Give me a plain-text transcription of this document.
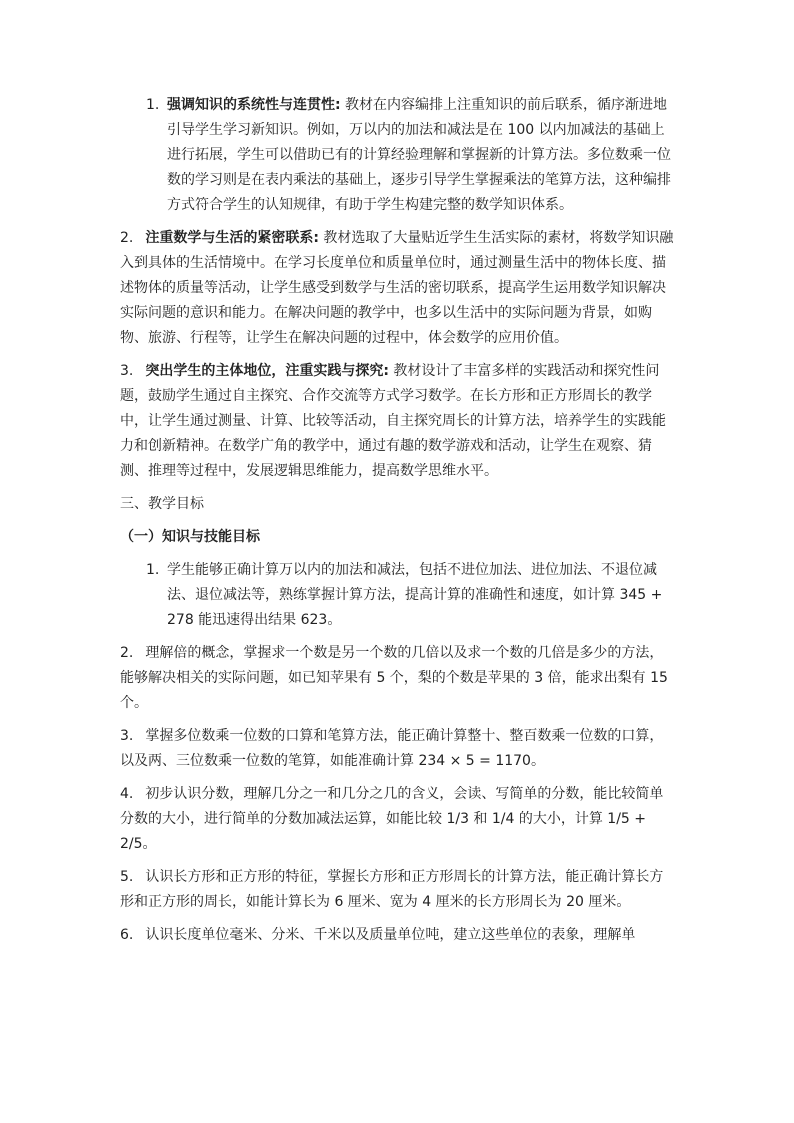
1. 强调知识的系统性与连贯性: 教材在内容编排上注重知识的前后联系，循序渐进地引导学生学习新知识。例如，万以内的加法和减法是在 100 以内加减法的基础上进行拓展，学生可以借助已有的计算经验理解和掌握新的计算方法。多位数乘一位数的学习则是在表内乘法的基础上，逐步引导学生掌握乘法的笔算方法，这种编排方式符合学生的认知规律，有助于学生构建完整的数学知识体系。

2. 注重数学与生活的紧密联系: 教材选取了大量贴近学生生活实际的素材，将数学知识融入到具体的生活情境中。在学习长度单位和质量单位时，通过测量生活中的物体长度、描述物体的质量等活动，让学生感受到数学与生活的密切联系，提高学生运用数学知识解决实际问题的意识和能力。在解决问题的教学中，也多以生活中的实际问题为背景，如购物、旅游、行程等，让学生在解决问题的过程中，体会数学的应用价值。

3. 突出学生的主体地位，注重实践与探究: 教材设计了丰富多样的实践活动和探究性问题，鼓励学生通过自主探究、合作交流等方式学习数学。在长方形和正方形周长的教学中，让学生通过测量、计算、比较等活动，自主探究周长的计算方法，培养学生的实践能力和创新精神。在数学广角的教学中，通过有趣的数学游戏和活动，让学生在观察、猜测、推理等过程中，发展逻辑思维能力，提高数学思维水平。

三、教学目标

（一）知识与技能目标

1. 学生能够正确计算万以内的加法和减法，包括不进位加法、进位加法、不退位减法、退位减法等，熟练掌握计算方法，提高计算的准确性和速度，如计算 345 + 278 能迅速得出结果 623。

2. 理解倍的概念，掌握求一个数是另一个数的几倍以及求一个数的几倍是多少的方法，能够解决相关的实际问题，如已知苹果有 5 个，梨的个数是苹果的 3 倍，能求出梨有 15 个。

3. 掌握多位数乘一位数的口算和笔算方法，能正确计算整十、整百数乘一位数的口算，以及两、三位数乘一位数的笔算，如能准确计算 234 × 5 = 1170。

4. 初步认识分数，理解几分之一和几分之几的含义，会读、写简单的分数，能比较简单分数的大小，进行简单的分数加减法运算，如能比较 1/3 和 1/4 的大小，计算 1/5 + 2/5。

5. 认识长方形和正方形的特征，掌握长方形和正方形周长的计算方法，能正确计算长方形和正方形的周长，如能计算长为 6 厘米、宽为 4 厘米的长方形周长为 20 厘米。

6. 认识长度单位毫米、分米、千米以及质量单位吨，建立这些单位的表象，理解单
